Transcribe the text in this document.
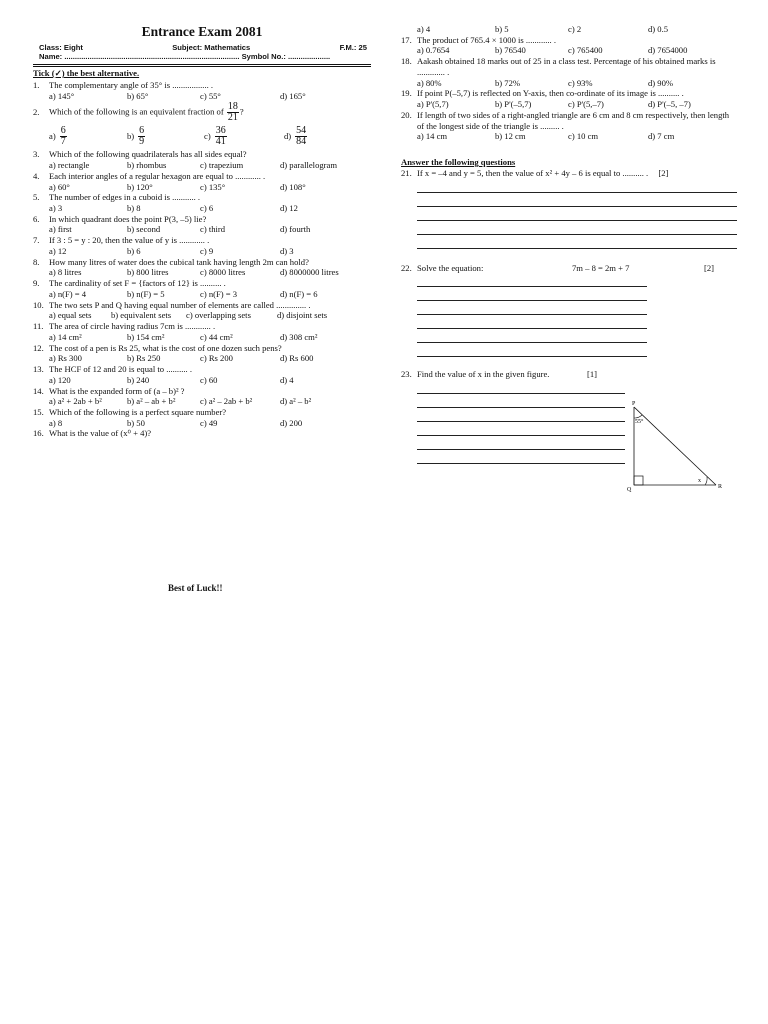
Entrance Exam 2081
Class: Eight	Subject: Mathematics	F.M.: 25
Name: ................................................................................... Symbol No.: ....................
Tick (✓) the best alternative.
1.	The complementary angle of 35° is ................. .
a) 145°	b) 65°	c) 55°	d) 165°
2.	Which of the following is an equivalent fraction of $\frac{18}{21}$ ?
$a) \frac{6}{7}$	$b) \frac{6}{9}$	$c) \frac{36}{41}$	$d) \frac{54}{84}$
3.	Which of the following quadrilaterals has all sides equal?
a) rectangle	b) rhombus	c) trapezium	d) parallelogram
4.	Each interior angles of a regular hexagon are equal to ............ .
a) 60°	b) 120°	c) 135°	d) 108°
5.	The number of edges in a cuboid is ........... .
a) 3	b) 8	c) 6	d) 12
6.	In which quadrant does the point P(3, –5) lie?
a) first	b) second	c) third	d) fourth
7.	If 3 : 5 = y : 20, then the value of y is ............ .
a) 12	b) 6	c) 9	d) 3
8.	How many litres of water does the cubical tank having length 2m can hold?
a) 8 litres	b) 800 litres	c) 8000 litres	d) 8000000 litres
9.	The cardinality of set F = {factors of 12} is .......... .
a) n(F) = 4	b) n(F) = 5	c) n(F) = 3	d) n(F) = 6
10. The two sets P and Q having equal number of elements are called .............. .
a) equal sets	b) equivalent sets	c) overlapping sets	d) disjoint sets
11. The area of circle having radius 7cm is ............ .
a) 14 cm²	b) 154 cm²	c) 44 cm²	d) 308 cm²
12. The cost of a pen is Rs 25, what is the cost of one dozen such pens?
a) Rs 300	b) Rs 250	c) Rs 200	d) Rs 600
13. The HCF of 12 and 20 is equal to .......... .
a) 120	b) 240	c) 60	d) 4
14. What is the expanded form of (a – b)² ?
a) a² + 2ab + b²	b) a² – ab + b²	c) a² – 2ab + b²	d) a² – b²
15. Which of the following is a perfect square number?
a) 8	b) 50	c) 49	d) 200
16. What is the value of (x⁰ + 4)?
Best of Luck!!
a) 4	b) 5	c) 2	d) 0.5
17. The product of 765.4 × 1000 is ............ .
a) 0.7654	b) 76540	c) 765400	d) 7654000
18. Aakash obtained 18 marks out of 25 in a class test. Percentage of his obtained marks is ............. .
a) 80%	b) 72%	c) 93%	d) 90%
19. If point P(–5,7) is reflected on Y-axis, then co-ordinate of its image is .......... .
a) P'(5,7)	b) P'(–5,7)	c) P'(5,–7)	d) P'(–5, –7)
20. If length of two sides of a right-angled triangle are 6 cm and 8 cm respectively, then length of the longest side of the triangle is ......... .
a) 14 cm	b) 12 cm	c) 10 cm	d) 7 cm
Answer the following questions
21. If x = –4 and y = 5, then the value of x² + 4y – 6 is equal to .......... . [2]
22. Solve the equation:	7m – 8 = 2m + 7	[2]
23. Find the value of x in the given figure.	[1]
P
Q	R
55°
x
